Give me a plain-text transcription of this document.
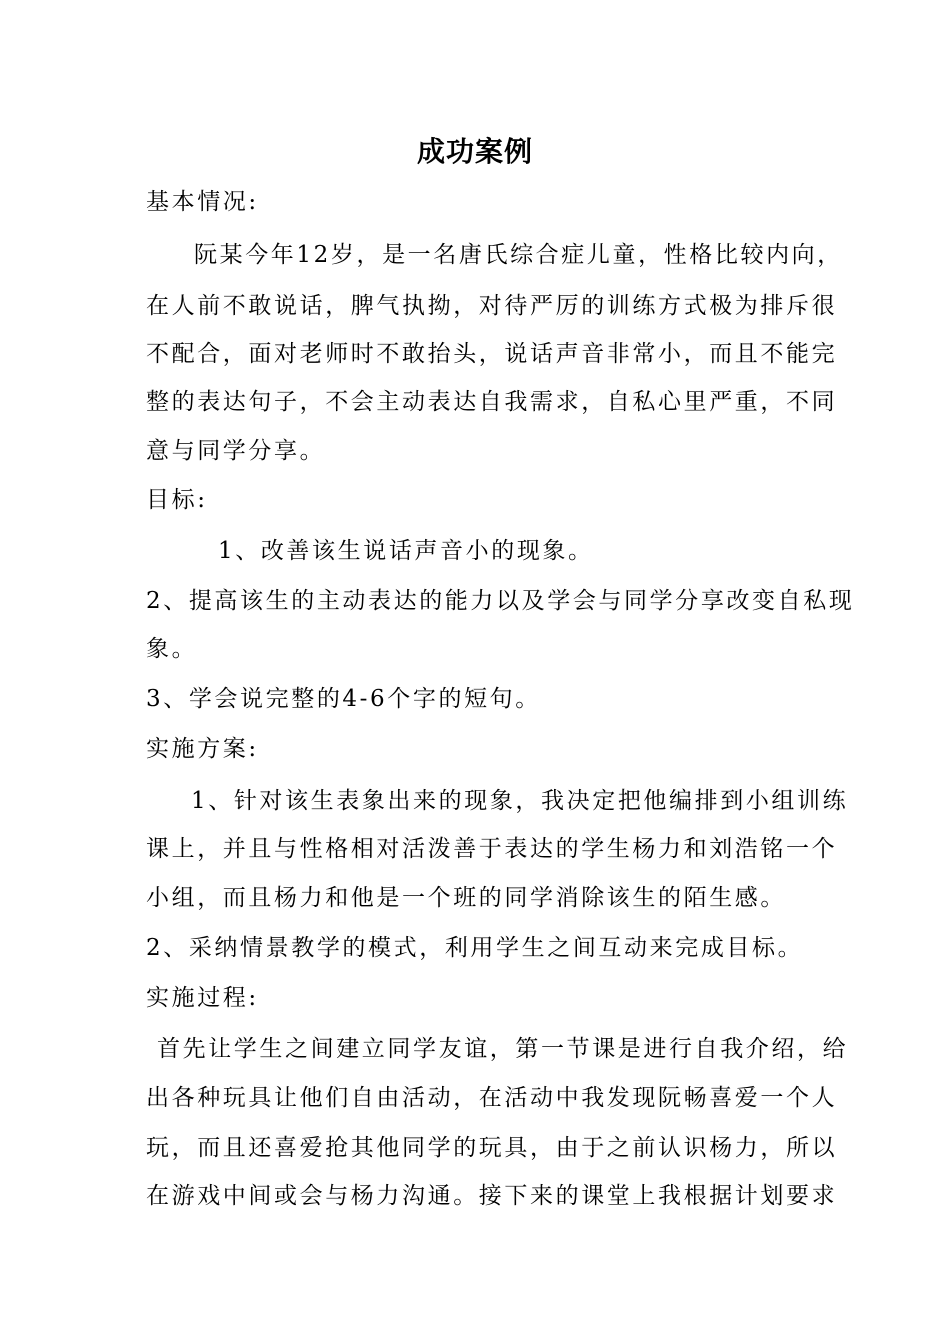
成功案例
基本情况:
阮某今年12岁，是一名唐氏综合症儿童，性格比较内向，
在人前不敢说话，脾气执拗，对待严厉的训练方式极为排斥很
不配合，面对老师时不敢抬头，说话声音非常小，而且不能完
整的表达句子，不会主动表达自我需求，自私心里严重，不同
意与同学分享。
目标:
1、改善该生说话声音小的现象。
2、提高该生的主动表达的能力以及学会与同学分享改变自私现
象。
3、学会说完整的4-6个字的短句。
实施方案:
1、针对该生表象出来的现象，我决定把他编排到小组训练
课上，并且与性格相对活泼善于表达的学生杨力和刘浩铭一个
小组，而且杨力和他是一个班的同学消除该生的陌生感。
2、采纳情景教学的模式，利用学生之间互动来完成目标。
实施过程:
首先让学生之间建立同学友谊，第一节课是进行自我介绍，给
出各种玩具让他们自由活动，在活动中我发现阮畅喜爱一个人
玩，而且还喜爱抢其他同学的玩具，由于之前认识杨力，所以
在游戏中间或会与杨力沟通。接下来的课堂上我根据计划要求
